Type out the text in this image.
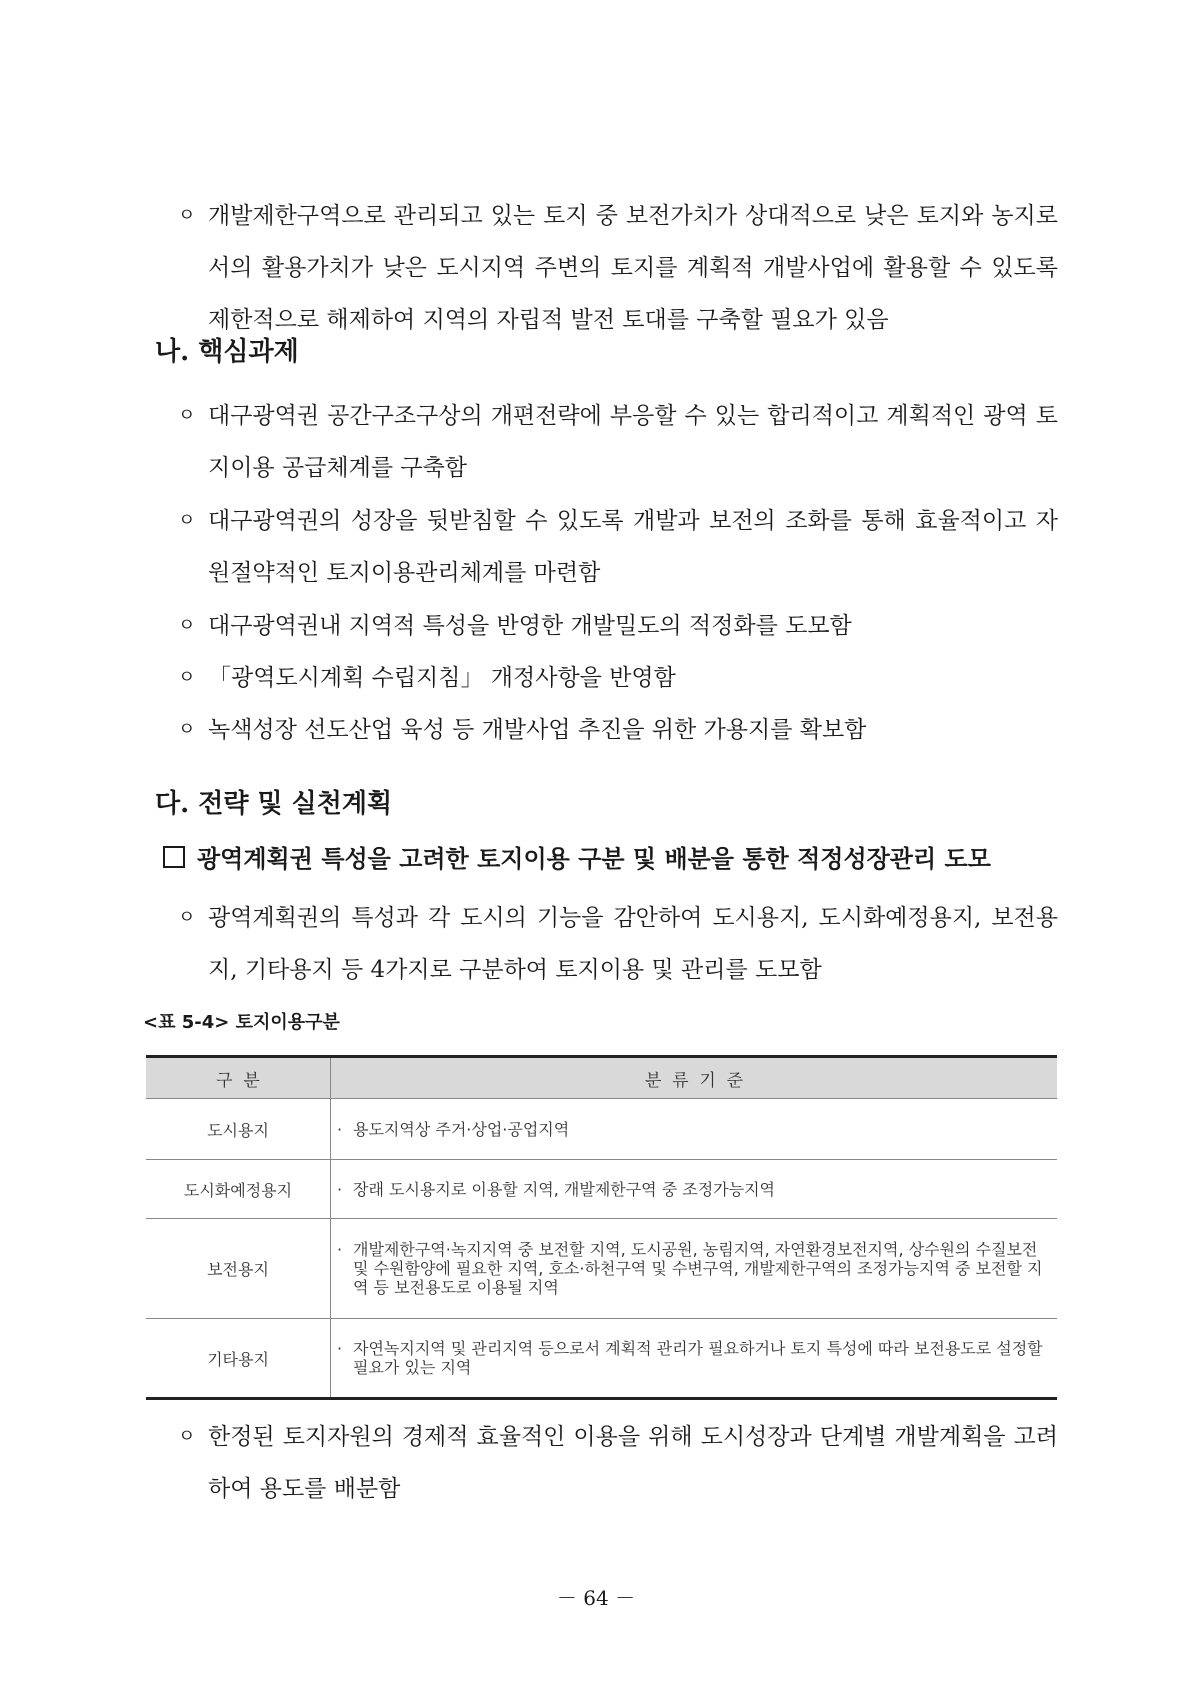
ㅇ 개발제한구역으로 관리되고 있는 토지 중 보전가치가 상대적으로 낮은 토지와 농지로서의 활용가치가 낮은 도시지역 주변의 토지를 계획적 개발사업에 활용할 수 있도록 제한적으로 해제하여 지역의 자립적 발전 토대를 구축할 필요가 있음
나. 핵심과제
ㅇ 대구광역권 공간구조구상의 개편전략에 부응할 수 있는 합리적이고 계획적인 광역 토지이용 공급체계를 구축함
ㅇ 대구광역권의 성장을 뒷받침할 수 있도록 개발과 보전의 조화를 통해 효율적이고 자원절약적인 토지이용관리체계를 마련함
ㅇ 대구광역권내 지역적 특성을 반영한 개발밀도의 적정화를 도모함
ㅇ 「광역도시계획 수립지침」 개정사항을 반영함
ㅇ 녹색성장 선도산업 육성 등 개발사업 추진을 위한 가용지를 확보함
다. 전략 및 실천계획
광역계획권 특성을 고려한 토지이용 구분 및 배분을 통한 적정성장관리 도모
ㅇ 광역계획권의 특성과 각 도시의 기능을 감안하여 도시용지, 도시화예정용지, 보전용지, 기타용지 등 4가지로 구분하여 토지이용 및 관리를 도모함
<표 5-4> 토지이용구분
구  분	분  류  기  준
도시용지	· 용도지역상 주거·상업·공업지역
도시화예정용지	· 장래 도시용지로 이용할 지역, 개발제한구역 중 조정가능지역
보전용지	· 개발제한구역·녹지지역 중 보전할 지역, 도시공원, 농림지역, 자연환경보전지역, 상수원의 수질보전 및 수원함양에 필요한 지역, 호소·하천구역 및 수변구역, 개발제한구역의 조정가능지역 중 보전할 지역 등 보전용도로 이용될 지역
기타용지	· 자연녹지지역 및 관리지역 등으로서 계획적 관리가 필요하거나 토지 특성에 따라 보전용도로 설정할 필요가 있는 지역
ㅇ 한정된 토지자원의 경제적 효율적인 이용을 위해 도시성장과 단계별 개발계획을 고려하여 용도를 배분함
－ 64 －
